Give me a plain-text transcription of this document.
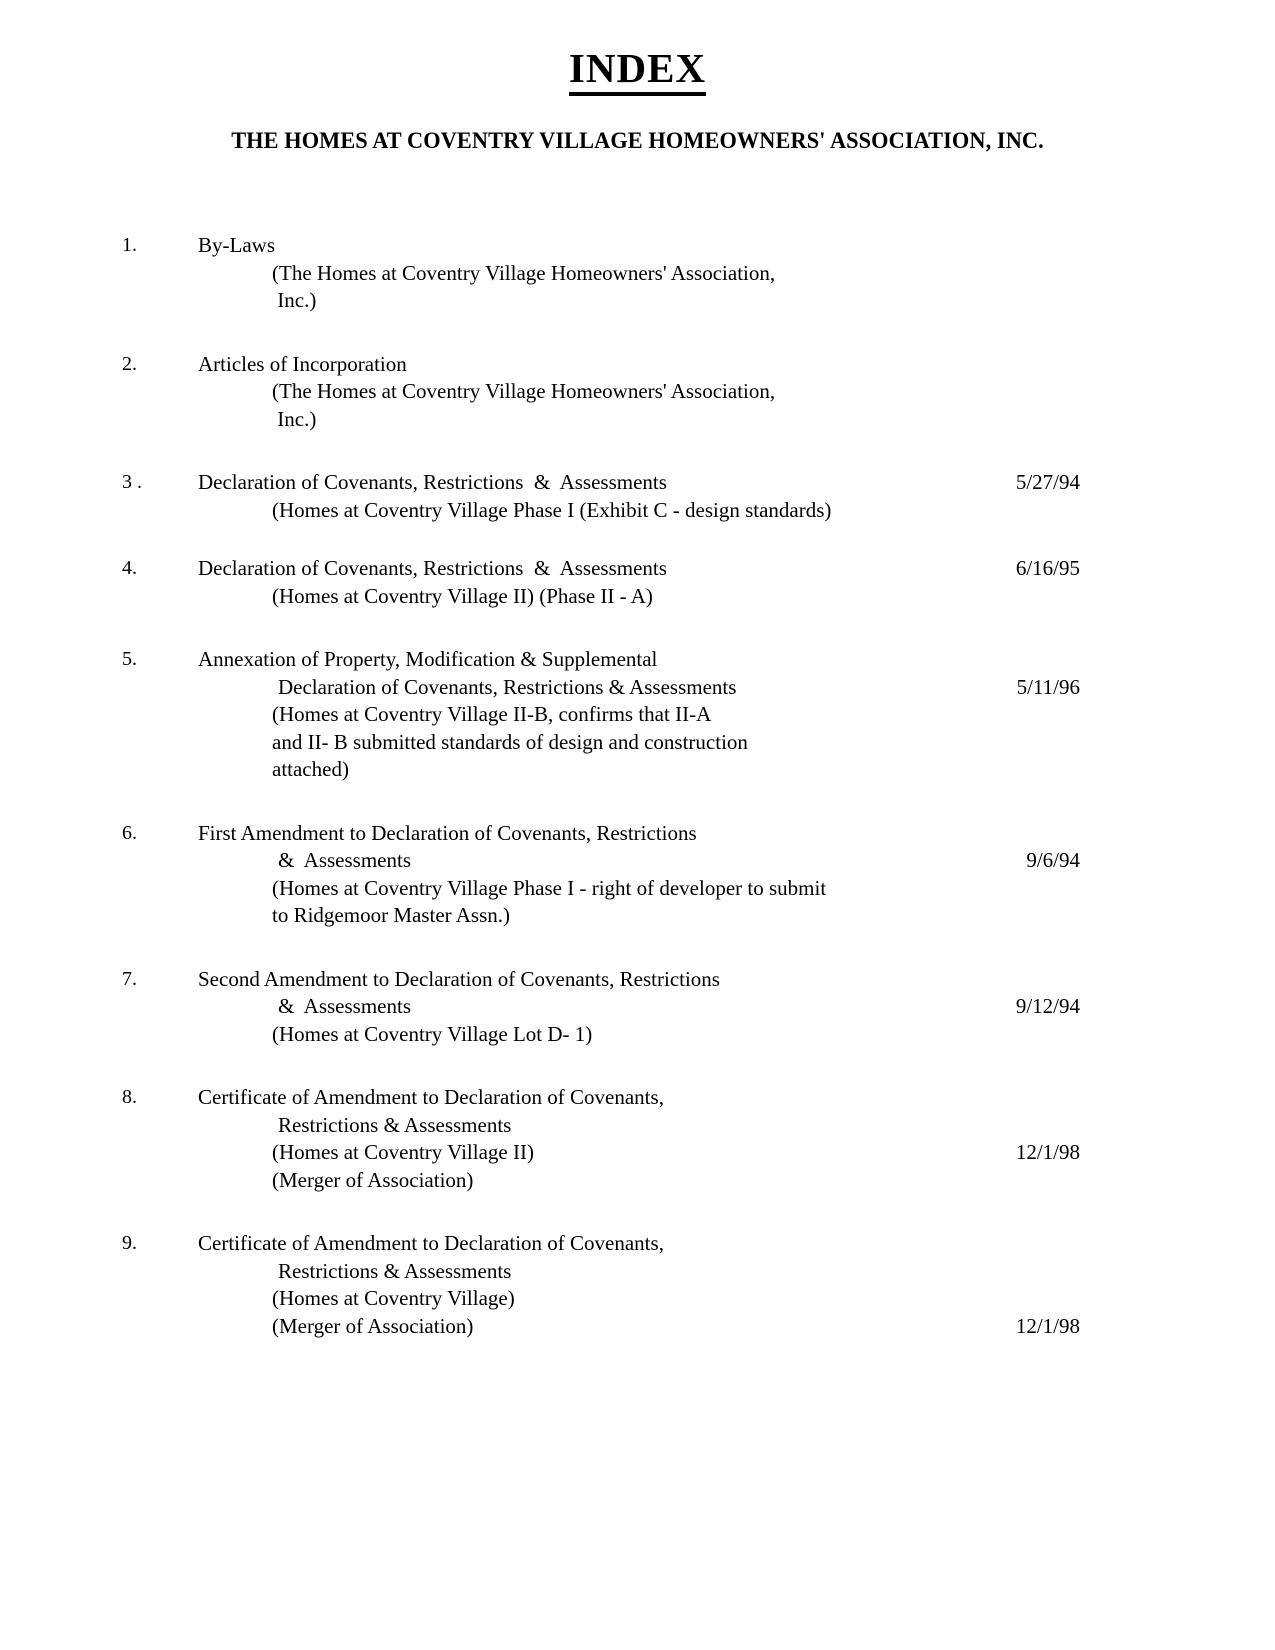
INDEX
THE HOMES AT COVENTRY VILLAGE HOMEOWNERS' ASSOCIATION, INC.
1.	By-Laws
(The Homes at Coventry Village Homeowners' Association,
Inc.)
2.	Articles of Incorporation
(The Homes at Coventry Village Homeowners' Association,
Inc.)
3 .	Declaration of Covenants, Restrictions  &  Assessments
(Homes at Coventry Village Phase I (Exhibit C - design standards)
5/27/94
4.	Declaration of Covenants, Restrictions  &  Assessments
(Homes at Coventry Village II) (Phase II - A)
6/16/95
5.	Annexation of Property, Modification & Supplemental
Declaration of Covenants, Restrictions & Assessments
(Homes at Coventry Village II-B, confirms that II-A
and II- B submitted standards of design and construction
attached)
5/11/96
6.	First Amendment to Declaration of Covenants, Restrictions
&  Assessments
(Homes at Coventry Village Phase I - right of developer to submit
to Ridgemoor Master Assn.)
9/6/94
7.	Second Amendment to Declaration of Covenants, Restrictions
&  Assessments
(Homes at Coventry Village Lot D- 1)
9/12/94
8.	Certificate of Amendment to Declaration of Covenants,
Restrictions & Assessments
(Homes at Coventry Village II)
(Merger of Association)
12/1/98
9.	Certificate of Amendment to Declaration of Covenants,
Restrictions & Assessments
(Homes at Coventry Village)
(Merger of Association)	12/1/98
